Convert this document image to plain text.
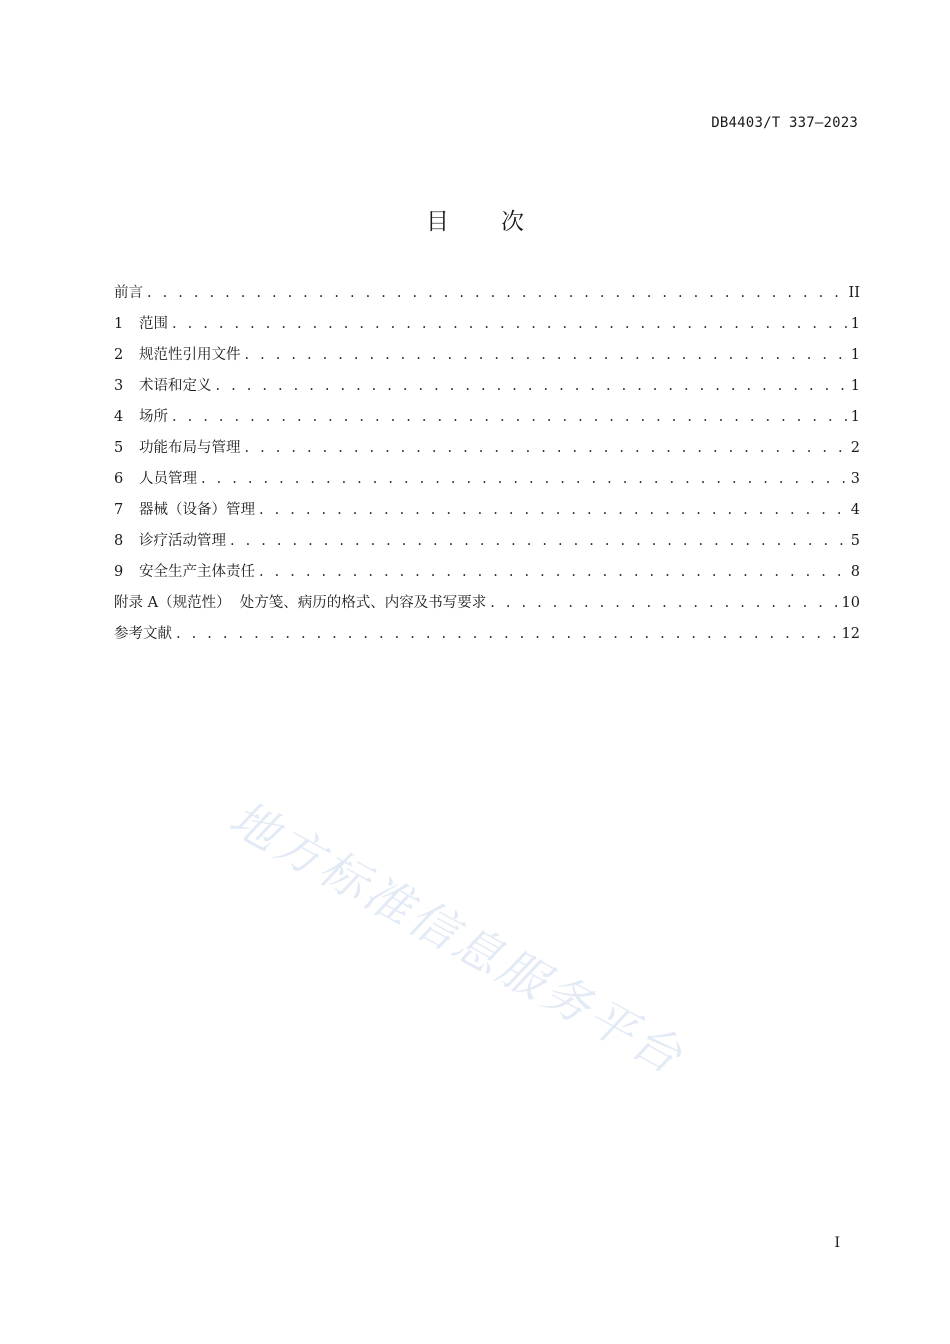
DB4403/T 337—2023
目 次
前言 . . .	II
1	范围 . . .	1
2	规范性引用文件 . . .	1
3	术语和定义 . . .	1
4	场所 . . .	1
5	功能布局与管理 . . .	2
6	人员管理 . . .	3
7	器械（设备）管理 . . .	4
8	诊疗活动管理 . . .	5
9	安全生产主体责任 . . .	8
附录 A（规范性）  处方笺、病历的格式、内容及书写要求 . . .	10
参考文献 . . .	12
地方标准信息服务平台
I
